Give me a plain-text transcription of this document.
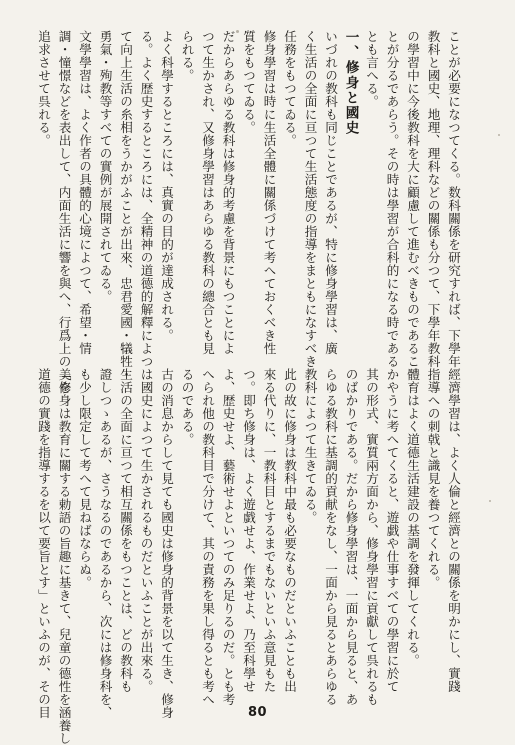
ことが必要になつてくる。数科關係を研究すれば、下學年

教科と國史、地理、理科などの關係も分つて、下學年教科

の學習中に今後教科を大に顧慮して進むべきものであるこ

とが分るであらう。その時は學習が合科的になる時である

とも言へる。

一、修身と國史

いづれの教科も同じことであるが、特に修身學習は、廣

く生活の全面に亘つて生活態度の指導をまともになすべき

任務をもつてゐる。

修身學習は時に生活全體に關係づけて考へておくべき性

質をもつてゐる。

だからあらゆる教科は修身的考慮を背景にもつことによ

つて生かされ、又修身學習はあらゆる教科の總合とも見

られる。

よく科學するところには、真實の目的が達成される。

る。よく歴史するところには、全精神の道德的解釋によつ

て向上生活の糸相をうかがふことが出來、忠君愛國・犠牲・

勇氣・殉教等すべての實例が展開されてゐる。

文學學習は、よく作者の具體的心境によつて、希望・情

調・憧憬などを表出して、内面生活に響を與へ、行爲上の美を

追求させて呉れる。

經濟學習は、よく人倫と經濟との關係を明かにし、實踐

指導への刺戟と識見を養つてくれる。

體育はよく道德生活建設の基調を發揮してくれる。

かやうに考へてくると、遊戯や仕事すべての學習に於て

其の形式、實質兩方面から、修身學習に貢獻して呉れるも

のばかりである。だから修身學習は、一面から見ると、あ

らゆる教科に基調的貢献をなし、一面から見るとあらゆる

教科によつて生きてゐる。

此の故に修身は教科中最も必要なものだといふことも出

來る代りに、一教科目とするまでもないといふ意見もた

つ。即ち修身は、よく遊戯せよ、作業せよ、乃至科學せ

よ、歴史せよ、藝術せよといつてのみ足りるのだ。とも考

へられ他の教科目で分けて、其の責務を果し得るとも考へ

るのである。

古の消息からして見ても國史は修身的背景を以て生き、修身

は國史によつて生かされるものだといふことが出來る。

生活の全面に亘つて相互關係をもつことは、どの教科も

證しつゝあるが、さうなるのであるから、次には修身科を、

も少し限定して考へて見ねばならぬ。

「修身は教育に關する勅語の旨趣に基きて、兒童の德性を涵養し

道德の實踐を指導するを以て要旨とす」といふのが、その目	80
